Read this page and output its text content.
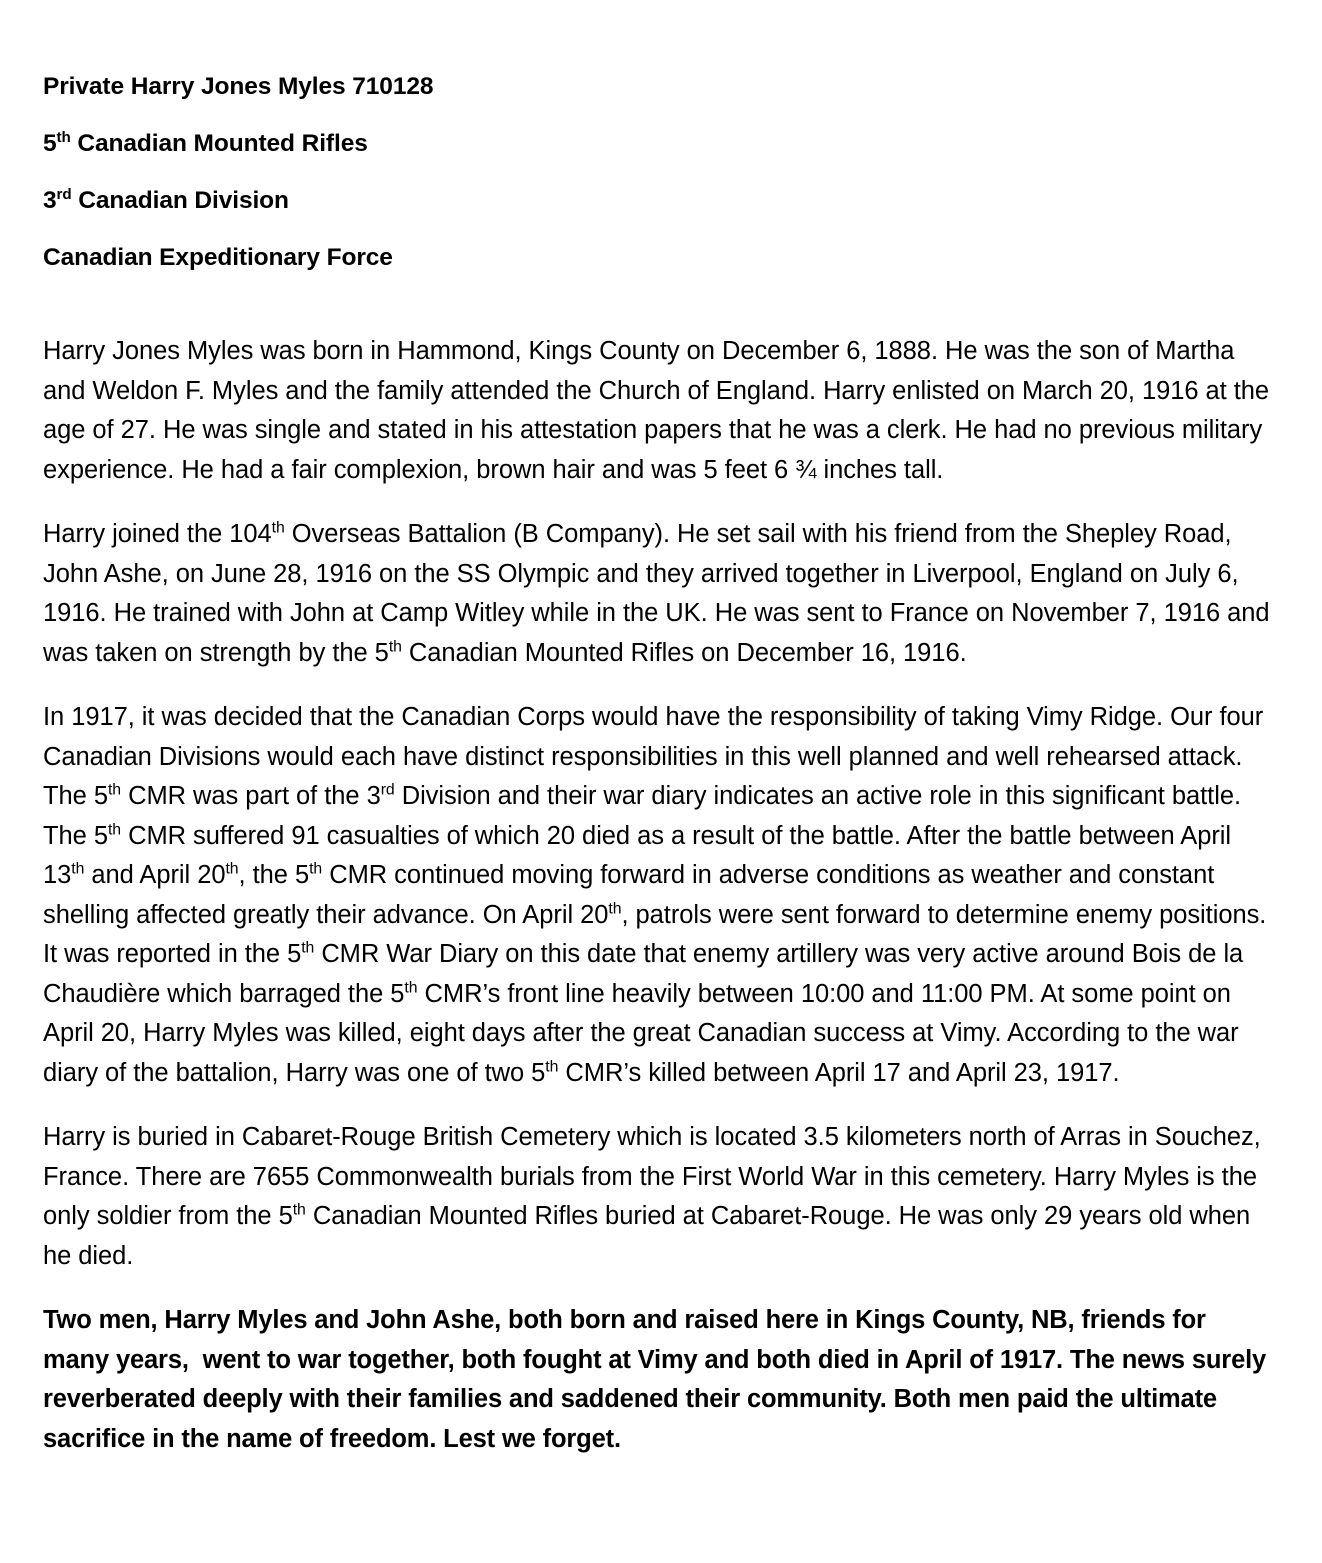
Private Harry Jones Myles 710128
5th Canadian Mounted Rifles
3rd Canadian Division
Canadian Expeditionary Force

Harry Jones Myles was born in Hammond, Kings County on December 6, 1888. He was the son of Martha and Weldon F. Myles and the family attended the Church of England. Harry enlisted on March 20, 1916 at the age of 27. He was single and stated in his attestation papers that he was a clerk. He had no previous military experience. He had a fair complexion, brown hair and was 5 feet 6 ¾ inches tall.

Harry joined the 104th Overseas Battalion (B Company). He set sail with his friend from the Shepley Road, John Ashe, on June 28, 1916 on the SS Olympic and they arrived together in Liverpool, England on July 6, 1916. He trained with John at Camp Witley while in the UK. He was sent to France on November 7, 1916 and was taken on strength by the 5th Canadian Mounted Rifles on December 16, 1916.

In 1917, it was decided that the Canadian Corps would have the responsibility of taking Vimy Ridge. Our four Canadian Divisions would each have distinct responsibilities in this well planned and well rehearsed attack. The 5th CMR was part of the 3rd Division and their war diary indicates an active role in this significant battle. The 5th CMR suffered 91 casualties of which 20 died as a result of the battle. After the battle between April 13th and April 20th, the 5th CMR continued moving forward in adverse conditions as weather and constant shelling affected greatly their advance. On April 20th, patrols were sent forward to determine enemy positions. It was reported in the 5th CMR War Diary on this date that enemy artillery was very active around Bois de la Chaudière which barraged the 5th CMR’s front line heavily between 10:00 and 11:00 PM. At some point on April 20, Harry Myles was killed, eight days after the great Canadian success at Vimy. According to the war diary of the battalion, Harry was one of two 5th CMR’s killed between April 17 and April 23, 1917.

Harry is buried in Cabaret-Rouge British Cemetery which is located 3.5 kilometers north of Arras in Souchez, France. There are 7655 Commonwealth burials from the First World War in this cemetery. Harry Myles is the only soldier from the 5th Canadian Mounted Rifles buried at Cabaret-Rouge. He was only 29 years old when he died.

Two men, Harry Myles and John Ashe, both born and raised here in Kings County, NB, friends for many years,  went to war together, both fought at Vimy and both died in April of 1917. The news surely reverberated deeply with their families and saddened their community. Both men paid the ultimate sacrifice in the name of freedom. Lest we forget.
